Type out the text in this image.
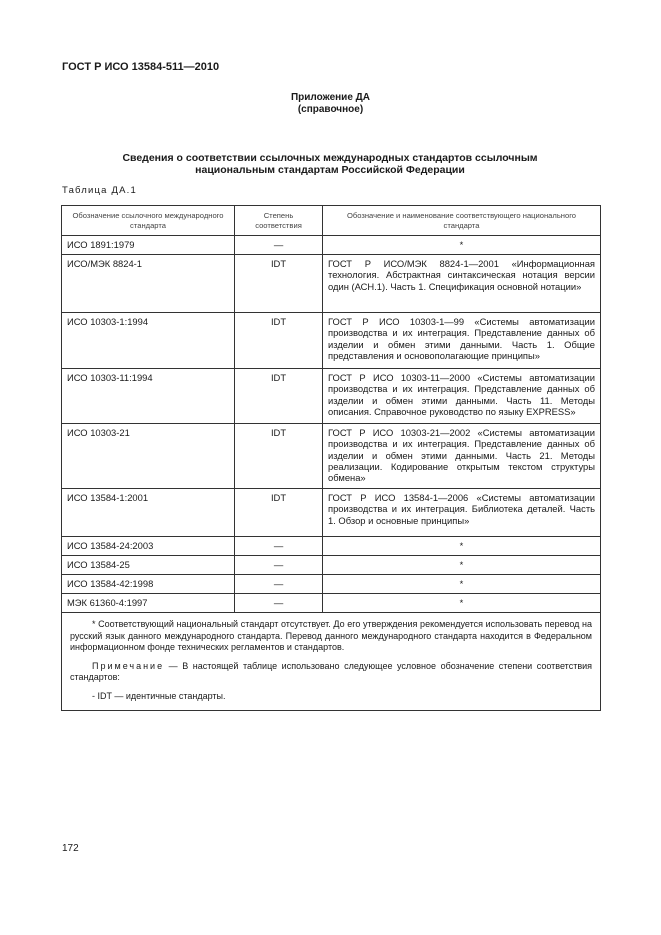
ГОСТ Р ИСО 13584-511—2010
Приложение ДА
(справочное)
Сведения о соответствии ссылочных международных стандартов ссылочным
национальным стандартам Российской Федерации
Таблица ДА.1
Обозначение ссылочного международного стандарта	Степень соответствия	Обозначение и наименование соответствующего национального стандарта
ИСО 1891:1979	—	*
ИСО/МЭК 8824-1	IDT	ГОСТ Р ИСО/МЭК 8824-1—2001 «Информационная технология. Абстрактная синтаксическая нотация версии один (АСН.1). Часть 1. Спецификация основной нотации»
ИСО 10303-1:1994	IDT	ГОСТ Р ИСО 10303-1—99 «Системы автоматизации производства и их интеграция. Представление данных об изделии и обмен этими данными. Часть 1. Общие представления и основополагающие принципы»
ИСО 10303-11:1994	IDT	ГОСТ Р ИСО 10303-11—2000 «Системы автоматизации производства и их интеграция. Представление данных об изделии и обмен этими данными. Часть 11. Методы описания. Справочное руководство по языку EXPRESS»
ИСО 10303-21	IDT	ГОСТ Р ИСО 10303-21—2002 «Системы автоматизации производства и их интеграция. Представление данных об изделии и обмен этими данными. Часть 21. Методы реализации. Кодирование открытым текстом структуры обмена»
ИСО 13584-1:2001	IDT	ГОСТ Р ИСО 13584-1—2006 «Системы автоматизации производства и их интеграция. Библиотека деталей. Часть 1. Обзор и основные принципы»
ИСО 13584-24:2003	—	*
ИСО 13584-25	—	*
ИСО 13584-42:1998	—	*
МЭК 61360-4:1997	—	*

* Соответствующий национальный стандарт отсутствует. До его утверждения рекомендуется использовать перевод на русский язык данного международного стандарта. Перевод данного международного стандарта находится в Федеральном информационном фонде технических регламентов и стандартов.

Примечание — В настоящей таблице использовано следующее условное обозначение степени соответствия стандартов:

- IDT — идентичные стандарты.		

172
